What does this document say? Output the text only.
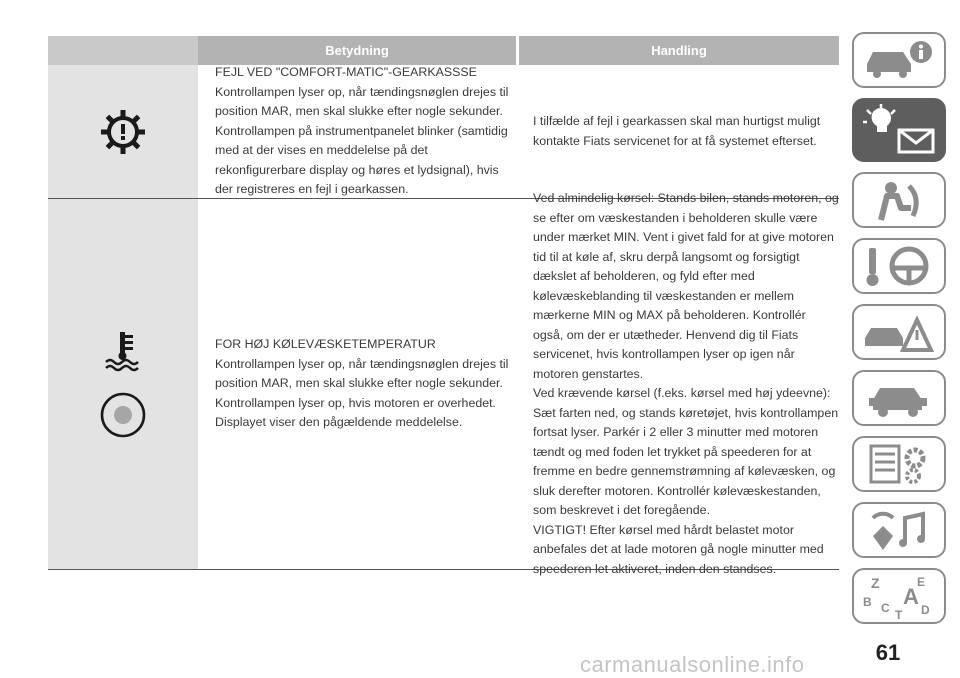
Betydning	Handling

FEJL VED "COMFORT-MATIC"-GEARKASSSE
Kontrollampen lyser op, når tændingsnøglen drejes til position MAR, men skal slukke efter nogle sekunder. Kontrollampen på instrumentpanelet blinker (samtidig med at der vises en meddelelse på det rekonfigurerbare display og høres et lydsignal), hvis der registreres en fejl i gearkassen.

I tilfælde af fejl i gearkassen skal man hurtigst muligt kontakte Fiats servicenet for at få systemet efterset.

FOR HØJ KØLEVÆSKETEMPERATUR
Kontrollampen lyser op, når tændingsnøglen drejes til position MAR, men skal slukke efter nogle sekunder. Kontrollampen lyser op, hvis motoren er overhedet. Displayet viser den pågældende meddelelse.

Ved almindelig kørsel: Stands bilen, stands motoren, og se efter om væskestanden i beholderen skulle være under mærket MIN. Vent i givet fald for at give motoren tid til at køle af, skru derpå langsomt og forsigtigt dækslet af beholderen, og fyld efter med kølevæskeblanding til væskestanden er mellem mærkerne MIN og MAX på beholderen. Kontrollér også, om der er utætheder. Henvend dig til Fiats servicenet, hvis kontrollampen lyser op igen når motoren genstartes.
Ved krævende kørsel (f.eks. kørsel med høj ydeevne): Sæt farten ned, og stands køretøjet, hvis kontrollampen fortsat lyser. Parkér i 2 eller 3 minutter med motoren tændt og med foden let trykket på speederen for at fremme en bedre gennemstrømning af kølevæsken, og sluk derefter motoren. Kontrollér kølevæskestanden, som beskrevet i det foregående.
VIGTIGT! Efter kørsel med hårdt belastet motor anbefales det at lade motoren gå nogle minutter med speederen let aktiveret, inden den standses.

Z	E
A
B C T D
61
carmanualsonline.info
